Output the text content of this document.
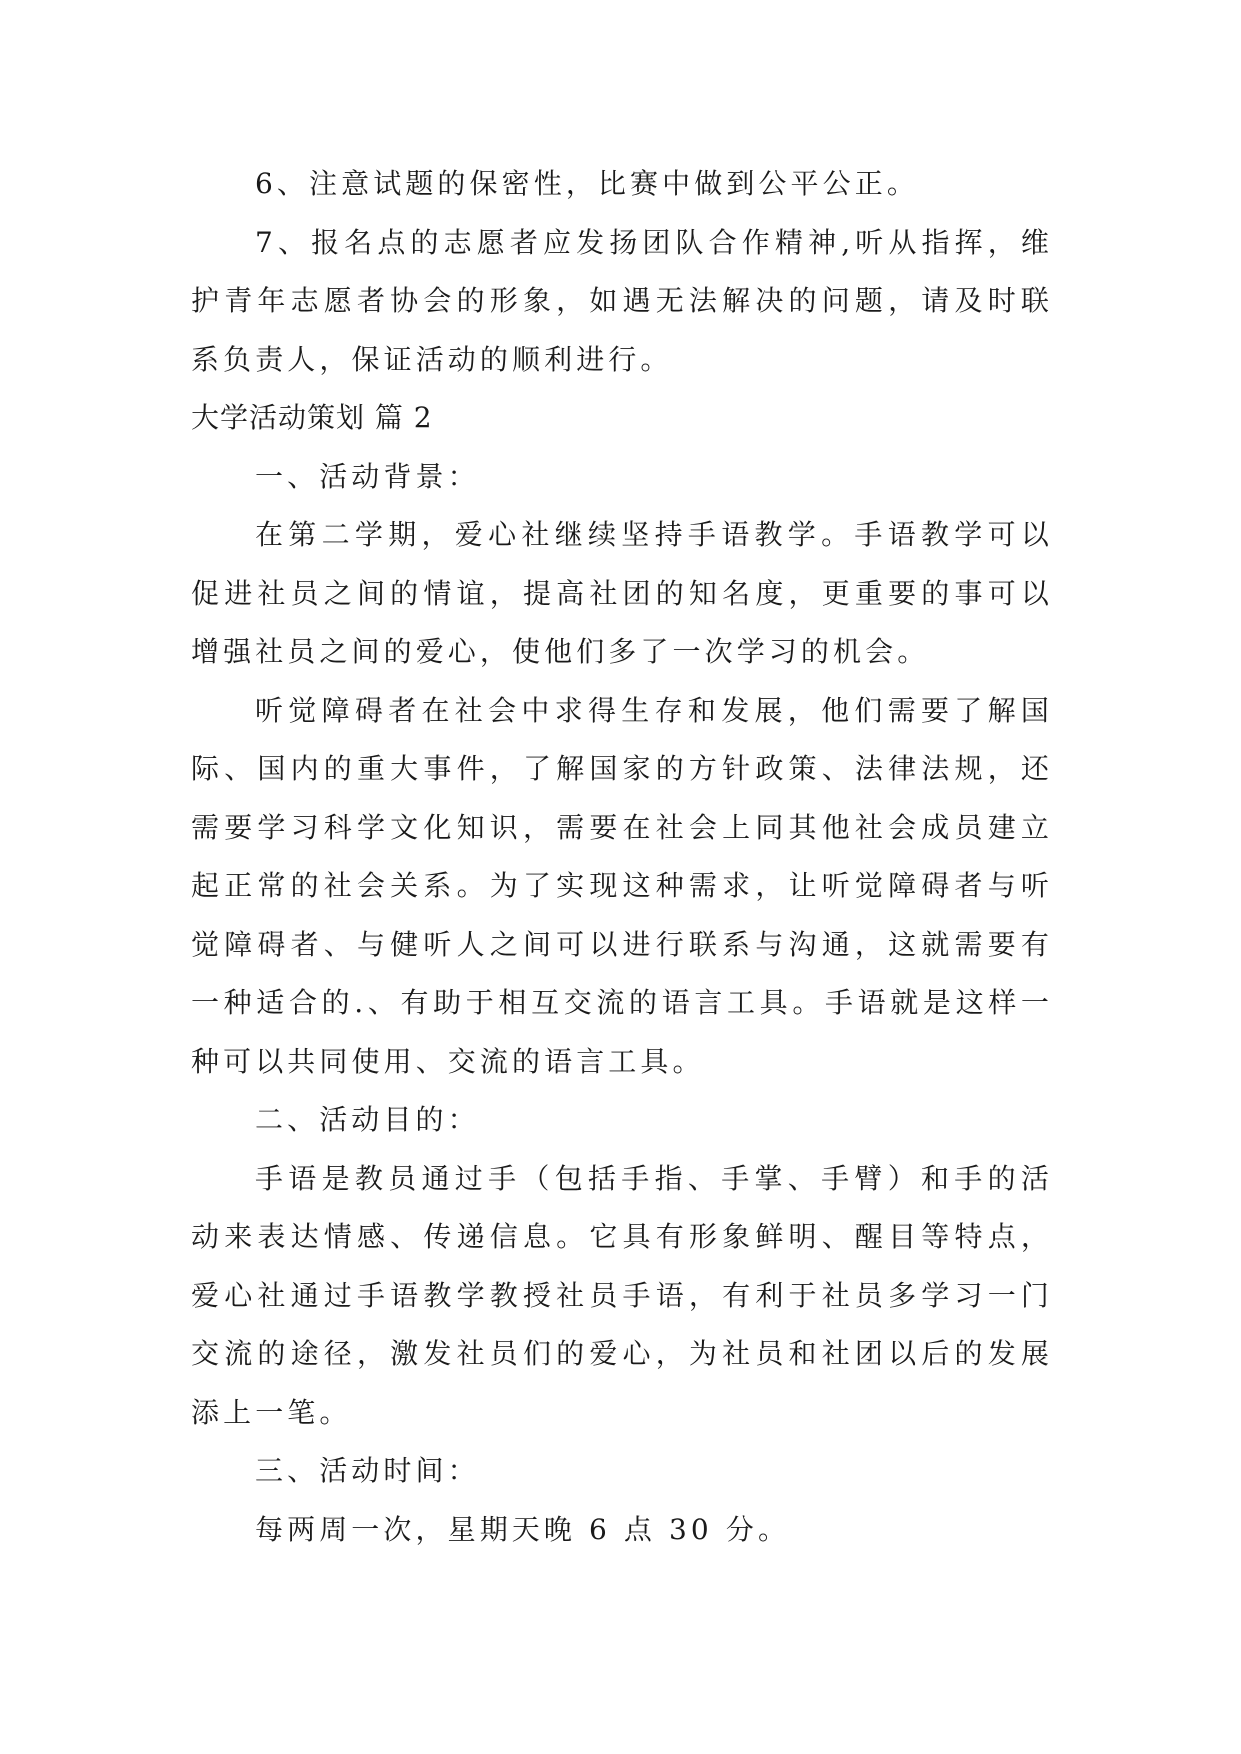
6、注意试题的保密性，比赛中做到公平公正。

7、报名点的志愿者应发扬团队合作精神,听从指挥，维护青年志愿者协会的形象，如遇无法解决的问题，请及时联系负责人，保证活动的顺利进行。

大学活动策划 篇 2

一、活动背景：

在第二学期，爱心社继续坚持手语教学。手语教学可以促进社员之间的情谊，提高社团的知名度，更重要的事可以增强社员之间的爱心，使他们多了一次学习的机会。

听觉障碍者在社会中求得生存和发展，他们需要了解国际、国内的重大事件，了解国家的方针政策、法律法规，还需要学习科学文化知识，需要在社会上同其他社会成员建立起正常的社会关系。为了实现这种需求，让听觉障碍者与听觉障碍者、与健听人之间可以进行联系与沟通，这就需要有一种适合的.、有助于相互交流的语言工具。手语就是这样一种可以共同使用、交流的语言工具。

二、活动目的：

手语是教员通过手（包括手指、手掌、手臂）和手的活动来表达情感、传递信息。它具有形象鲜明、醒目等特点，爱心社通过手语教学教授社员手语，有利于社员多学习一门交流的途径，激发社员们的爱心，为社员和社团以后的发展添上一笔。

三、活动时间：

每两周一次，星期天晚 6 点 30 分。
